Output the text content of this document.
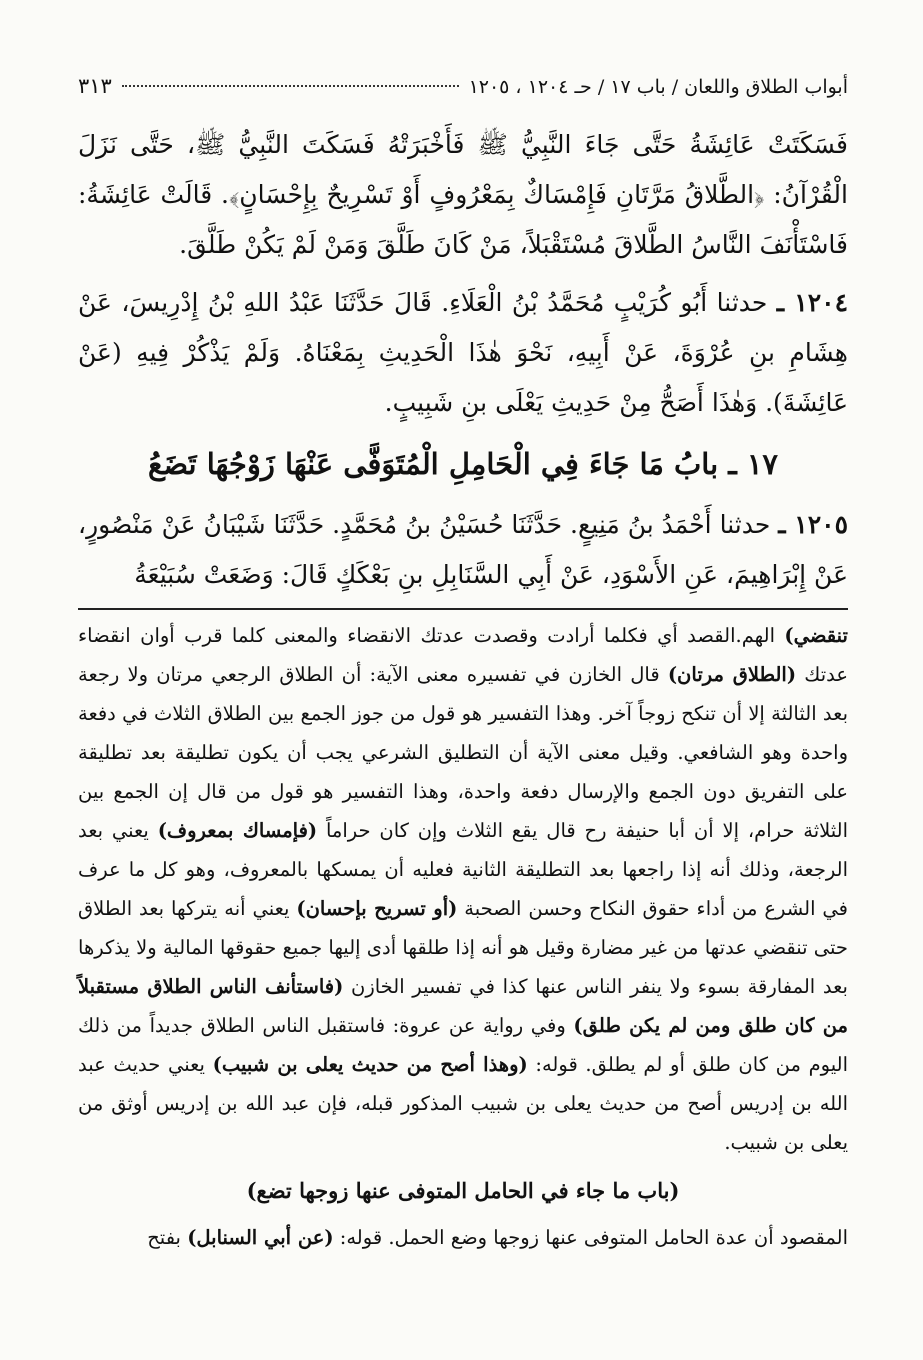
أبواب الطلاق واللعان / باب ١٧ / حـ ١٢٠٤ ، ١٢٠٥
٣١٣

فَسَكَتَتْ عَائِشَةُ حَتَّى جَاءَ النَّبِيُّ ﷺ فَأَخْبَرَتْهُ فَسَكَتَ النَّبِيُّ ﷺ، حَتَّى نَزَلَ الْقُرْآنُ: ﴿الطَّلاقُ مَرَّتَانِ فَإِمْسَاكٌ بِمَعْرُوفٍ أَوْ تَسْرِيحٌ بِإِحْسَانٍ﴾. قَالَتْ عَائِشَةُ: فَاسْتَأْنَفَ النَّاسُ الطَّلاقَ مُسْتَقْبَلاً، مَنْ كَانَ طَلَّقَ وَمَنْ لَمْ يَكُنْ طَلَّقَ.

١٢٠٤ ـ حدثنا أَبُو كُرَيْبٍ مُحَمَّدُ بْنُ الْعَلَاءِ. قَالَ حَدَّثَنَا عَبْدُ اللهِ بْنُ إِدْرِيسَ، عَنْ هِشَامِ بنِ عُرْوَةَ، عَنْ أَبِيهِ، نَحْوَ هٰذَا الْحَدِيثِ بِمَعْنَاهُ. وَلَمْ يَذْكُرْ فِيهِ (عَنْ عَائِشَةَ). وَهٰذَا أَصَحُّ مِنْ حَدِيثِ يَعْلَى بنِ شَبِيبٍ.

١٧ ـ بابُ مَا جَاءَ فِي الْحَامِلِ الْمُتَوَفَّى عَنْهَا زَوْجُهَا تَضَعُ

١٢٠٥ ـ حدثنا أَحْمَدُ بنُ مَنِيعٍ. حَدَّثَنَا حُسَيْنُ بنُ مُحَمَّدٍ. حَدَّثَنَا شَيْبَانُ عَنْ مَنْصُورٍ، عَنْ إِبْرَاهِيمَ، عَنِ الأَسْوَدِ، عَنْ أَبِي السَّنَابِلِ بنِ بَعْكَكٍ قَالَ: وَضَعَتْ سُبَيْعَةُ

تنقضي) الهم.القصد أي فكلما أرادت وقصدت عدتك الانقضاء والمعنى كلما قرب أوان انقضاء عدتك (الطلاق مرتان) قال الخازن في تفسيره معنى الآية: أن الطلاق الرجعي مرتان ولا رجعة بعد الثالثة إلا أن تنكح زوجاً آخر. وهذا التفسير هو قول من جوز الجمع بين الطلاق الثلاث في دفعة واحدة وهو الشافعي. وقيل معنى الآية أن التطليق الشرعي يجب أن يكون تطليقة بعد تطليقة على التفريق دون الجمع والإرسال دفعة واحدة، وهذا التفسير هو قول من قال إن الجمع بين الثلاثة حرام، إلا أن أبا حنيفة رح قال يقع الثلاث وإن كان حراماً (فإمساك بمعروف) يعني بعد الرجعة، وذلك أنه إذا راجعها بعد التطليقة الثانية فعليه أن يمسكها بالمعروف، وهو كل ما عرف في الشرع من أداء حقوق النكاح وحسن الصحبة (أو تسريح بإحسان) يعني أنه يتركها بعد الطلاق حتى تنقضي عدتها من غير مضارة وقيل هو أنه إذا طلقها أدى إليها جميع حقوقها المالية ولا يذكرها بعد المفارقة بسوء ولا ينفر الناس عنها كذا في تفسير الخازن (فاستأنف الناس الطلاق مستقبلاً من كان طلق ومن لم يكن طلق) وفي رواية عن عروة: فاستقبل الناس الطلاق جديداً من ذلك اليوم من كان طلق أو لم يطلق. قوله: (وهذا أصح من حديث يعلى بن شبيب) يعني حديث عبد الله بن إدريس أصح من حديث يعلى بن شبيب المذكور قبله، فإن عبد الله بن إدريس أوثق من يعلى بن شبيب.

(باب ما جاء في الحامل المتوفى عنها زوجها تضع)

المقصود أن عدة الحامل المتوفى عنها زوجها وضع الحمل. قوله: (عن أبي السنابل) بفتح
